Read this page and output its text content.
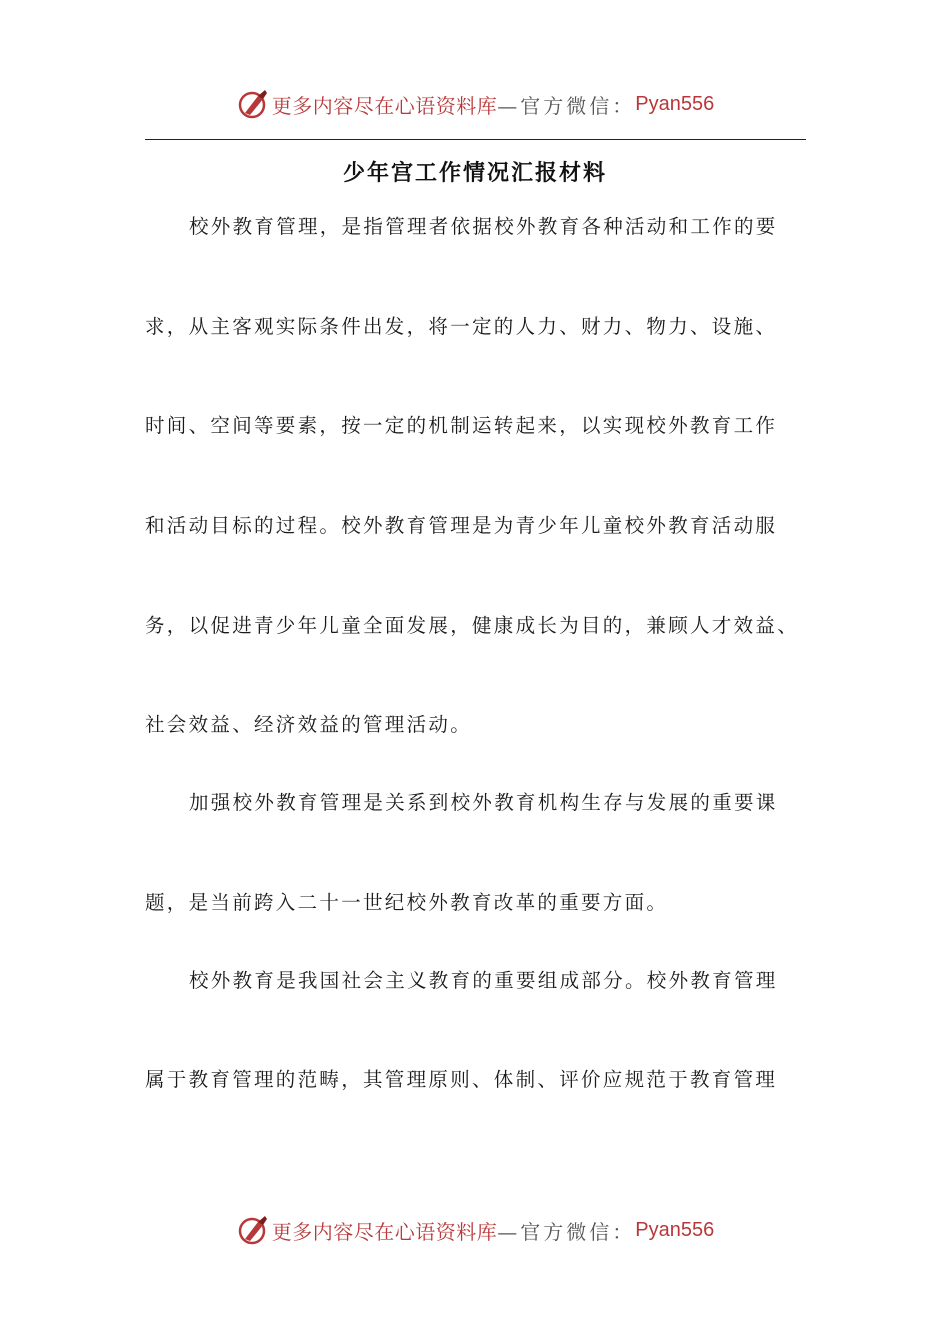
更多内容尽在心语资料库 —官方微信： Pyan556
少年宫工作情况汇报材料
校外教育管理，是指管理者依据校外教育各种活动和工作的要
求，从主客观实际条件出发，将一定的人力、财力、物力、设施、
时间、空间等要素，按一定的机制运转起来，以实现校外教育工作
和活动目标的过程。校外教育管理是为青少年儿童校外教育活动服
务，以促进青少年儿童全面发展，健康成长为目的，兼顾人才效益、
社会效益、经济效益的管理活动。
加强校外教育管理是关系到校外教育机构生存与发展的重要课
题，是当前跨入二十一世纪校外教育改革的重要方面。
校外教育是我国社会主义教育的重要组成部分。校外教育管理
属于教育管理的范畴，其管理原则、体制、评价应规范于教育管理
更多内容尽在心语资料库 —官方微信： Pyan556
